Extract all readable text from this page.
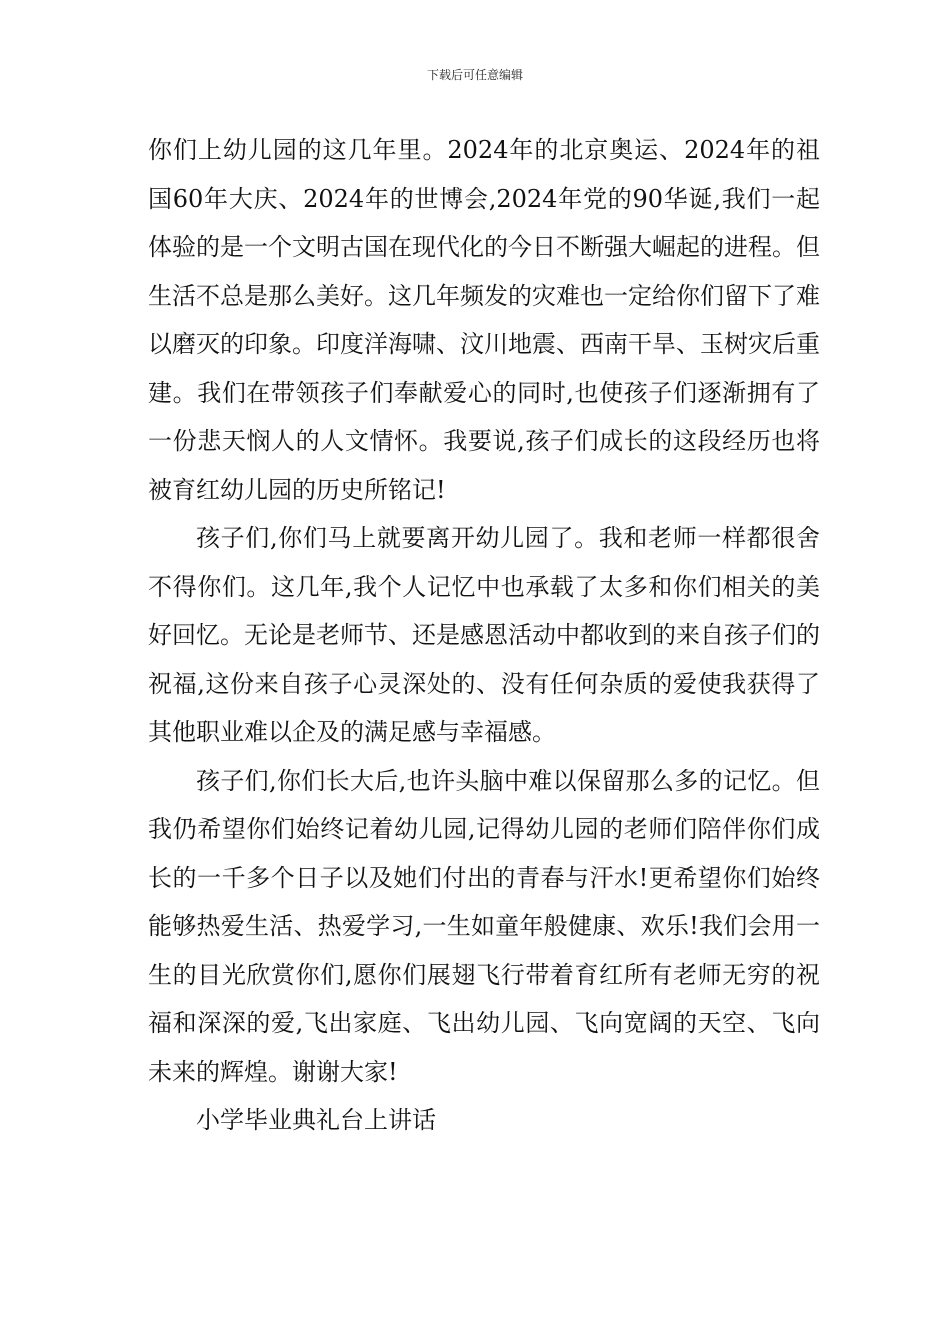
下载后可任意编辑

你们上幼儿园的这几年里。2024年的北京奥运、2024年的祖国60年大庆、2024年的世博会,2024年党的90华诞,我们一起体验的是一个文明古国在现代化的今日不断强大崛起的进程。但生活不总是那么美好。这几年频发的灾难也一定给你们留下了难以磨灭的印象。印度洋海啸、汶川地震、西南干旱、玉树灾后重建。我们在带领孩子们奉献爱心的同时,也使孩子们逐渐拥有了一份悲天悯人的人文情怀。我要说,孩子们成长的这段经历也将被育红幼儿园的历史所铭记!

孩子们,你们马上就要离开幼儿园了。我和老师一样都很舍不得你们。这几年,我个人记忆中也承载了太多和你们相关的美好回忆。无论是老师节、还是感恩活动中都收到的来自孩子们的祝福,这份来自孩子心灵深处的、没有任何杂质的爱使我获得了其他职业难以企及的满足感与幸福感。

孩子们,你们长大后,也许头脑中难以保留那么多的记忆。但我仍希望你们始终记着幼儿园,记得幼儿园的老师们陪伴你们成长的一千多个日子以及她们付出的青春与汗水!更希望你们始终能够热爱生活、热爱学习,一生如童年般健康、欢乐!我们会用一生的目光欣赏你们,愿你们展翅飞行带着育红所有老师无穷的祝福和深深的爱,飞出家庭、飞出幼儿园、飞向宽阔的天空、飞向未来的辉煌。谢谢大家!

小学毕业典礼台上讲话
